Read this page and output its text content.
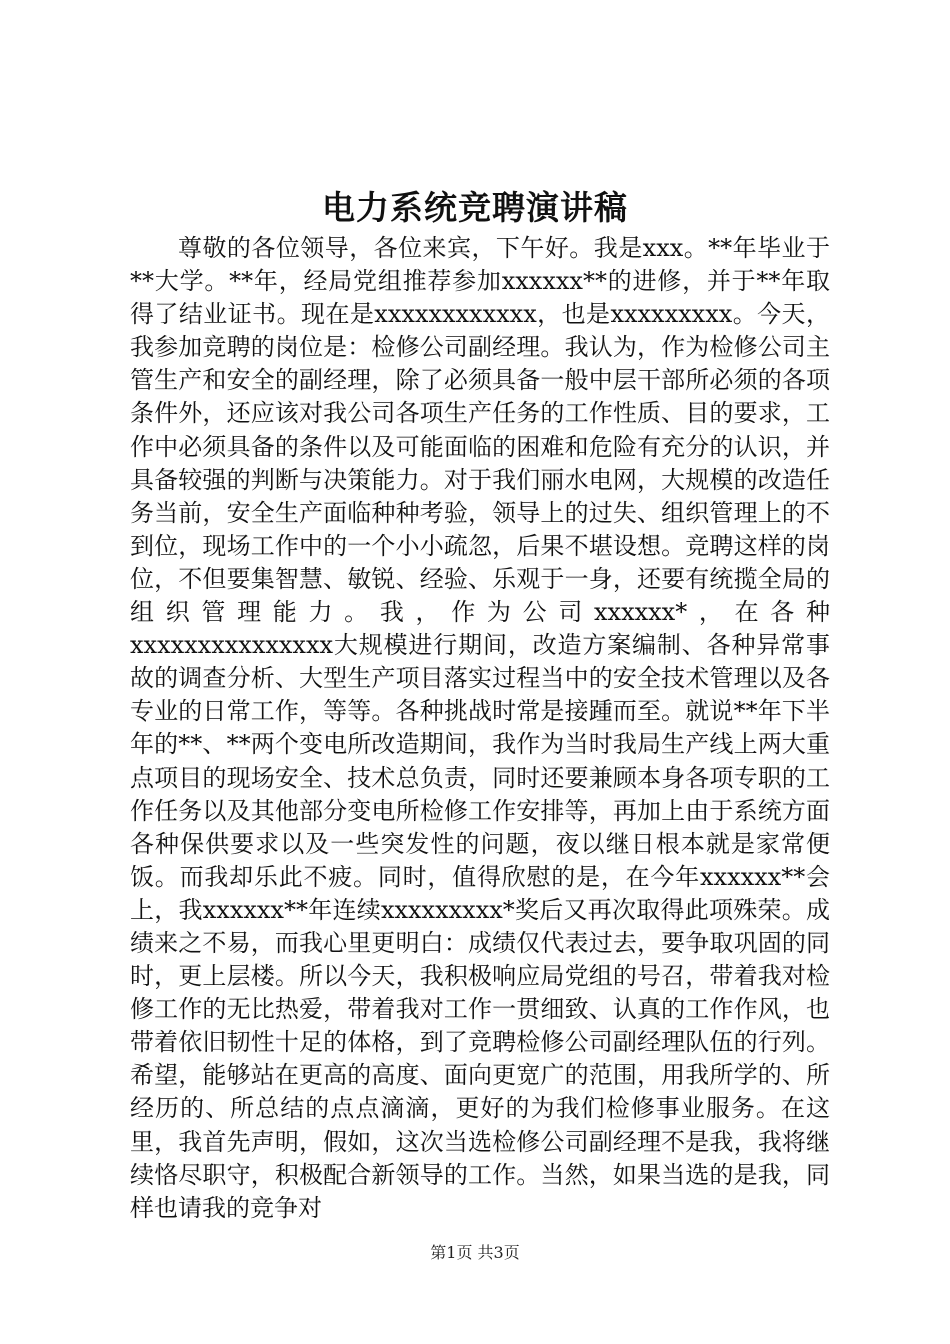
电力系统竞聘演讲稿

尊敬的各位领导，各位来宾，下午好。我是xxx。**年毕业于**大学。**年，经局党组推荐参加xxxxxx**的进修，并于**年取得了结业证书。现在是xxxxxxxxxxxx，也是xxxxxxxxx。今天，我参加竞聘的岗位是：检修公司副经理。我认为，作为检修公司主管生产和安全的副经理，除了必须具备一般中层干部所必须的各项条件外，还应该对我公司各项生产任务的工作性质、目的要求，工作中必须具备的条件以及可能面临的困难和危险有充分的认识，并具备较强的判断与决策能力。对于我们丽水电网，大规模的改造任务当前，安全生产面临种种考验，领导上的过失、组织管理上的不到位，现场工作中的一个小小疏忽，后果不堪设想。竞聘这样的岗位，不但要集智慧、敏锐、经验、乐观于一身，还要有统揽全局的组织管理能力。我，作为公司xxxxxx*，在各种xxxxxxxxxxxxxxx大规模进行期间，改造方案编制、各种异常事故的调查分析、大型生产项目落实过程当中的安全技术管理以及各专业的日常工作，等等。各种挑战时常是接踵而至。就说**年下半年的**、**两个变电所改造期间，我作为当时我局生产线上两大重点项目的现场安全、技术总负责，同时还要兼顾本身各项专职的工作任务以及其他部分变电所检修工作安排等，再加上由于系统方面各种保供要求以及一些突发性的问题，夜以继日根本就是家常便饭。而我却乐此不疲。同时，值得欣慰的是，在今年xxxxxx**会上，我xxxxxx**年连续xxxxxxxxx*奖后又再次取得此项殊荣。成绩来之不易，而我心里更明白：成绩仅代表过去，要争取巩固的同时，更上层楼。所以今天，我积极响应局党组的号召，带着我对检修工作的无比热爱，带着我对工作一贯细致、认真的工作作风，也带着依旧韧性十足的体格，到了竞聘检修公司副经理队伍的行列。希望，能够站在更高的高度、面向更宽广的范围，用我所学的、所经历的、所总结的点点滴滴，更好的为我们检修事业服务。在这里，我首先声明，假如，这次当选检修公司副经理不是我，我将继续恪尽职守，积极配合新领导的工作。当然，如果当选的是我，同样也请我的竞争对

第1页 共3页
